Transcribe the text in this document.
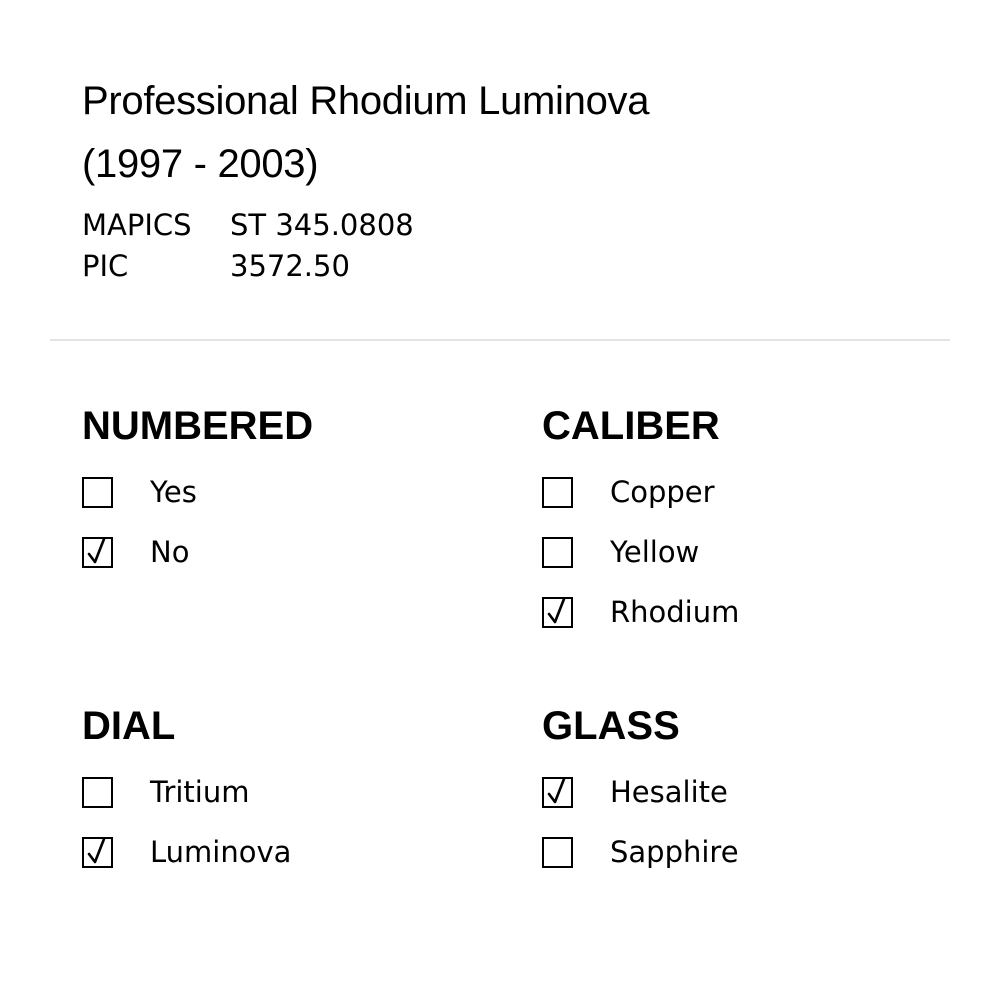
Professional Rhodium Luminova
(1997 - 2003)
MAPICS	ST 345.0808
PIC	3572.50
NUMBERED
Yes
No
CALIBER
Copper
Yellow
Rhodium
DIAL
Tritium
Luminova
GLASS
Hesalite
Sapphire
